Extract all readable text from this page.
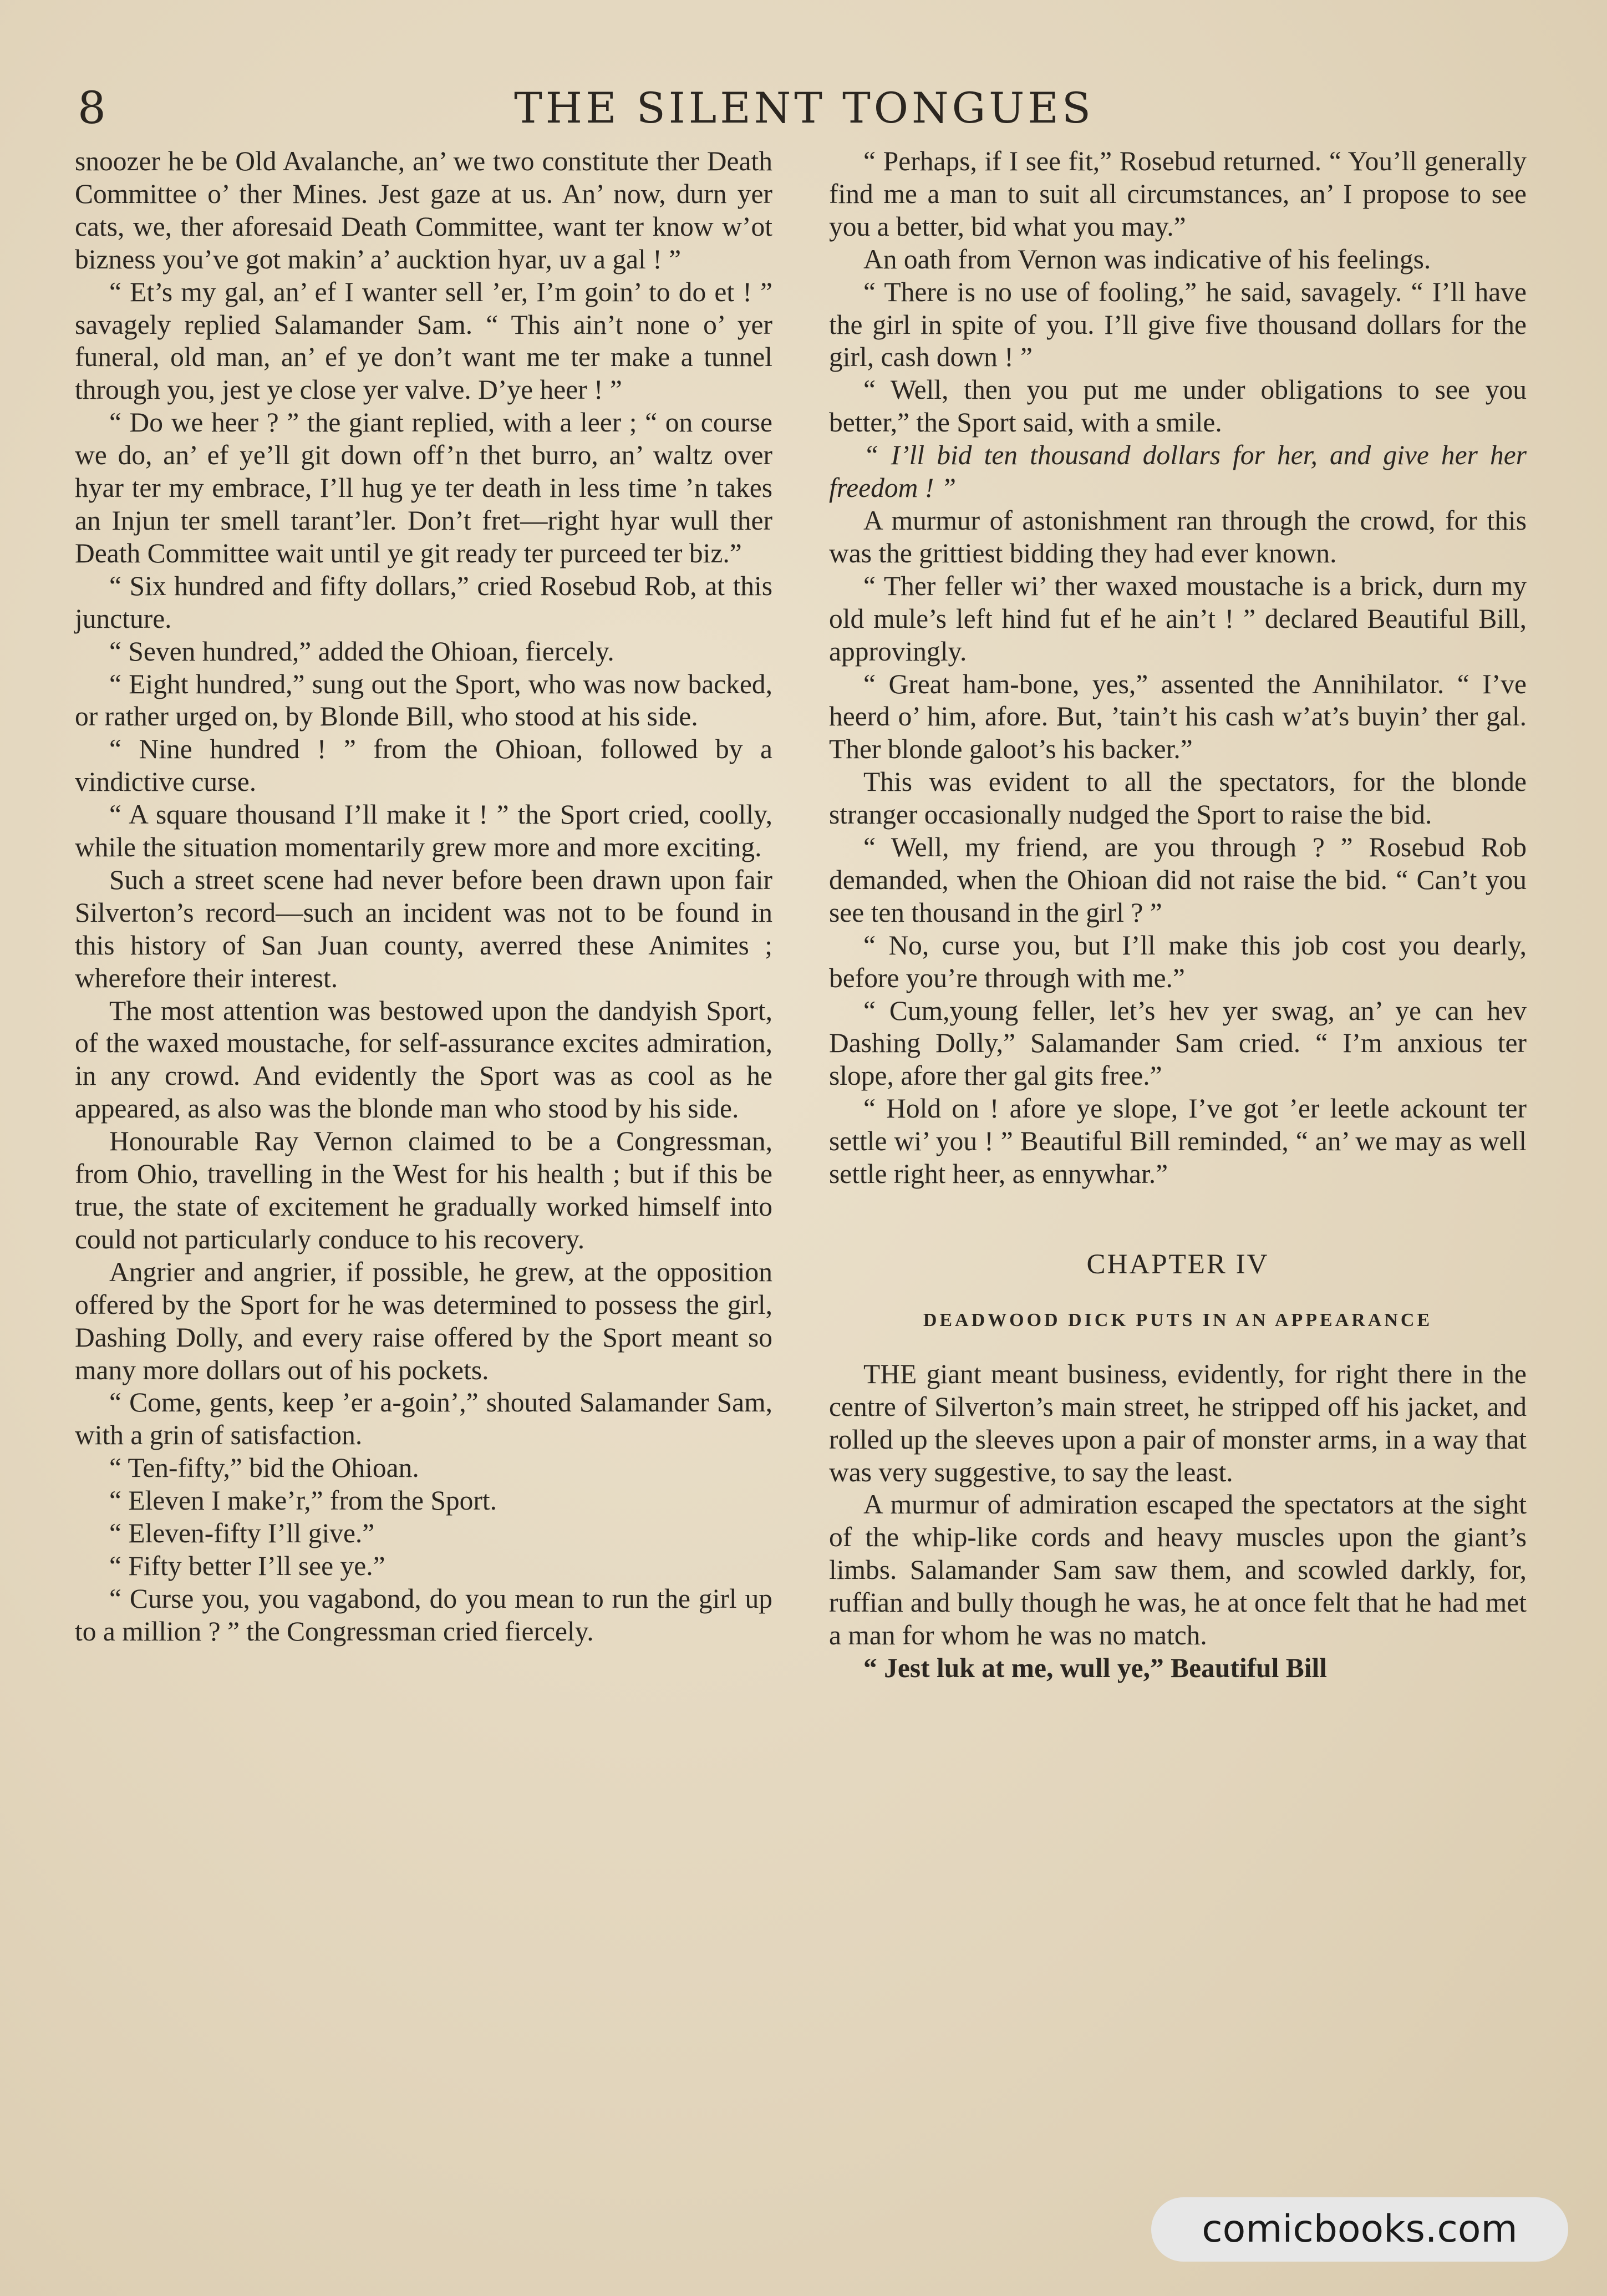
8	THE SILENT TONGUES

snoozer he be Old Avalanche, an’ we two constitute ther Death Committee o’ ther Mines. Jest gaze at us. An’ now, durn yer cats, we, ther aforesaid Death Committee, want ter know w’ot bizness you’ve got makin’ a’ aucktion hyar, uv a gal ! ”

“ Et’s my gal, an’ ef I wanter sell ’er, I’m goin’ to do et ! ” savagely replied Salamander Sam. “ This ain’t none o’ yer funeral, old man, an’ ef ye don’t want me ter make a tunnel through you, jest ye close yer valve. D’ye heer ! ”

“ Do we heer ? ” the giant replied, with a leer ; “ on course we do, an’ ef ye’ll git down off’n thet burro, an’ waltz over hyar ter my embrace, I’ll hug ye ter death in less time ’n takes an Injun ter smell tarant’ler. Don’t fret—right hyar wull ther Death Committee wait until ye git ready ter purceed ter biz.”

“ Six hundred and fifty dollars,” cried Rosebud Rob, at this juncture.

“ Seven hundred,” added the Ohioan, fiercely.

“ Eight hundred,” sung out the Sport, who was now backed, or rather urged on, by Blonde Bill, who stood at his side.

“ Nine hundred ! ” from the Ohioan, followed by a vindictive curse.

“ A square thousand I’ll make it ! ” the Sport cried, coolly, while the situation momentarily grew more and more exciting.

Such a street scene had never before been drawn upon fair Silverton’s record—such an incident was not to be found in this history of San Juan county, averred these Animites ; wherefore their interest.

The most attention was bestowed upon the dandyish Sport, of the waxed moustache, for self-assurance excites admiration, in any crowd. And evidently the Sport was as cool as he appeared, as also was the blonde man who stood by his side.

Honourable Ray Vernon claimed to be a Congressman, from Ohio, travelling in the West for his health ; but if this be true, the state of excitement he gradually worked himself into could not particularly conduce to his recovery.

Angrier and angrier, if possible, he grew, at the opposition offered by the Sport for he was determined to possess the girl, Dashing Dolly, and every raise offered by the Sport meant so many more dollars out of his pockets.

“ Come, gents, keep ’er a-goin’,” shouted Salamander Sam, with a grin of satisfaction.

“ Ten-fifty,” bid the Ohioan.

“ Eleven I make’r,” from the Sport.

“ Eleven-fifty I’ll give.”

“ Fifty better I’ll see ye.”

“ Curse you, you vagabond, do you mean to run the girl up to a million ? ” the Congressman cried fiercely.

“ Perhaps, if I see fit,” Rosebud returned. “ You’ll generally find me a man to suit all circumstances, an’ I propose to see you a better, bid what you may.”

An oath from Vernon was indicative of his feelings.

“ There is no use of fooling,” he said, savagely. “ I’ll have the girl in spite of you. I’ll give five thousand dollars for the girl, cash down ! ”

“ Well, then you put me under obligations to see you better,” the Sport said, with a smile.

“ I’ll bid ten thousand dollars for her, and give her her freedom ! ”

A murmur of astonishment ran through the crowd, for this was the grittiest bidding they had ever known.

“ Ther feller wi’ ther waxed moustache is a brick, durn my old mule’s left hind fut ef he ain’t ! ” declared Beautiful Bill, approvingly.

“ Great ham-bone, yes,” assented the Annihilator. “ I’ve heerd o’ him, afore. But, ’tain’t his cash w’at’s buyin’ ther gal. Ther blonde galoot’s his backer.”

This was evident to all the spectators, for the blonde stranger occasionally nudged the Sport to raise the bid.

“ Well, my friend, are you through ? ” Rosebud Rob demanded, when the Ohioan did not raise the bid. “ Can’t you see ten thousand in the girl ? ”

“ No, curse you, but I’ll make this job cost you dearly, before you’re through with me.”

“ Cum,young feller, let’s hev yer swag, an’ ye can hev Dashing Dolly,” Salamander Sam cried. “ I’m anxious ter slope, afore ther gal gits free.”

“ Hold on ! afore ye slope, I’ve got ’er leetle ackount ter settle wi’ you ! ” Beautiful Bill reminded, “ an’ we may as well settle right heer, as ennywhar.”

CHAPTER IV
DEADWOOD DICK PUTS IN AN APPEARANCE

THE giant meant business, evidently, for right there in the centre of Silverton’s main street, he stripped off his jacket, and rolled up the sleeves upon a pair of monster arms, in a way that was very suggestive, to say the least.

A murmur of admiration escaped the spectators at the sight of the whip-like cords and heavy muscles upon the giant’s limbs. Salamander Sam saw them, and scowled darkly, for, ruffian and bully though he was, he at once felt that he had met a man for whom he was no match.

“ Jest luk at me, wull ye,” Beautiful Bill

comicbooks.com
